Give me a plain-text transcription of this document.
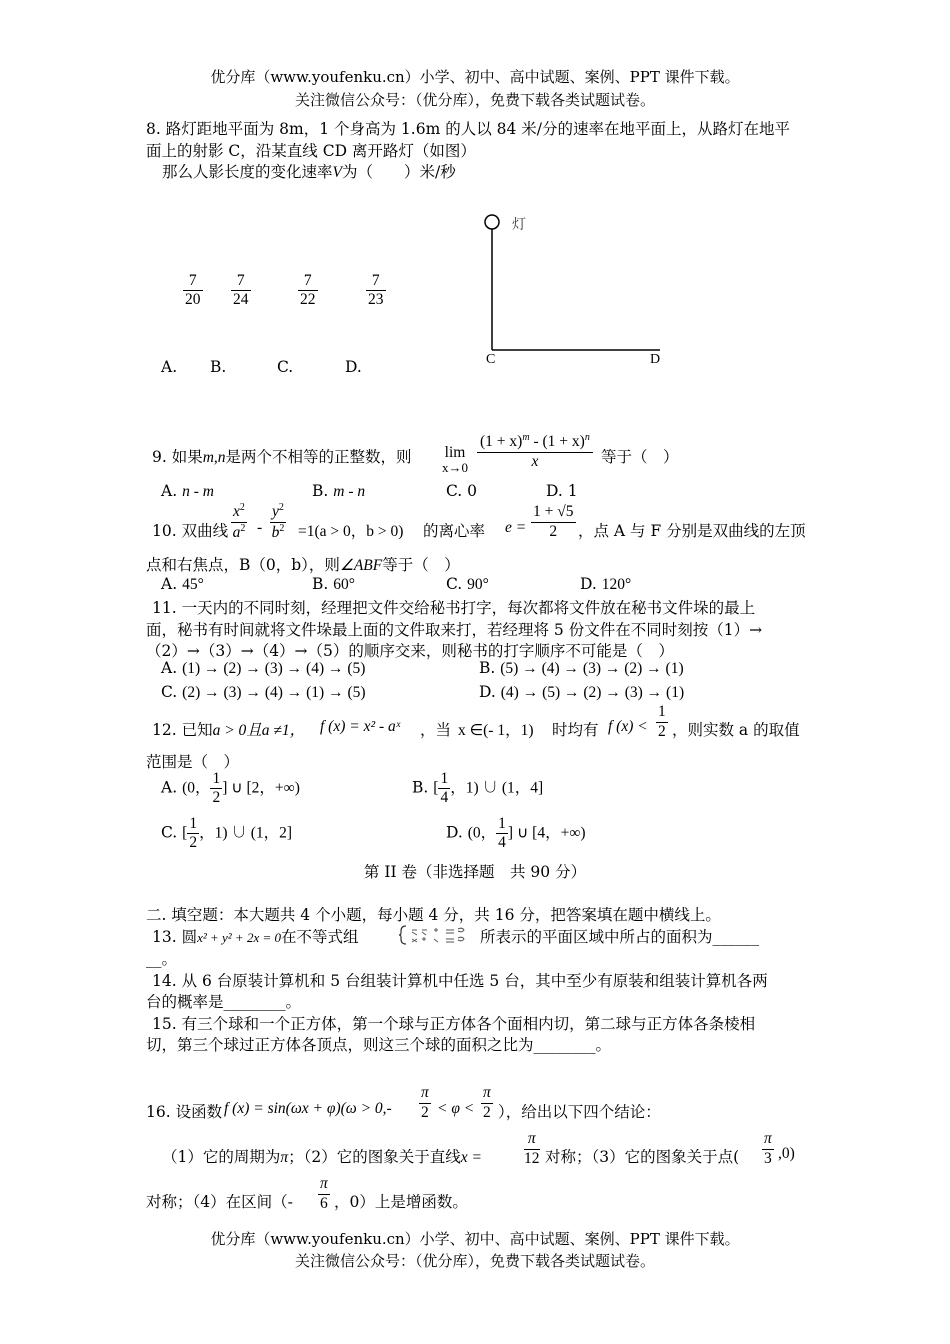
优分库（www.youfenku.cn）小学、初中、高中试题、案例、PPT 课件下载。
关注微信公众号：（优分库），免费下载各类试题试卷。
8. 路灯距地平面为 8m，1 个身高为 1.6m 的人以 84 米/分的速率在地平面上，从路灯在地平
面上的射影 C，沿某直线 CD 离开路灯（如图）
那么人影长度的变化速率V为（　　）米/秒
$\frac{7}{20} \frac{7}{24}$	$\frac{7}{22}$	$\frac{7}{23}$
A. B.	C.	D.
灯
C	D
9. 如果m,n是两个不相等的正整数，则 lim
x→0
$(1 + x)^m - (1 + x)^n$
x	等于（　）
A. n - m	B. m - n	C. 0	D. 1
10. 双曲线
$x^2$
$a^2$ -
$y^2$
$b^2 =1(a > 0$，b > 0) 的离心率 $e = \frac{1 + √5}{2}$ ，点 A 与 F 分别是双曲线的左顶
点和右焦点，B（0，b），则∠ABF等于（　）
A. 45°	B. 60°	C. 90°	D. 120°
11. 一天内的不同时刻，经理把文件交给秘书打字，每次都将文件放在秘书文件垛的最上
面，秘书有时间就将文件垛最上面的文件取来打，若经理将 5 份文件在不同时刻按（1）→
（2）→（3）→（4）→（5）的顺序交来，则秘书的打字顺序不可能是（　）
A. (1) → (2) → (3) → (4) → (5)	B. (5) → (4) → (3) → (2) → (1)
C. (2) → (3) → (4) → (1) → (5)	D. (4) → (5) → (2) → (3) → (1)
12. 已知a > 0且a ≠1， f (x) = x² - aˣ ，当 x ∈(- 1，1) 时均有 f $(x) < \frac{1}{2}$ ，则实数 a 的取值
范围是（　）
A. (0， $\frac{1}{2}$ ] ∪ [2，+∞)	B. [ $\frac{1}{4}$ ，1) ∪ (1，4]
C. [ $\frac{1}{2}$ ，1) ∪ (1，2]	D. (0， $\frac{1}{4}$ ] ∪ [4，+∞)
第 II 卷（非选择题　共 90 分）
二. 填空题：本大题共 4 个小题，每小题 4 分，共 16 分，把答案填在题中横线上。
13. 圆x² + y² + 2x = 0在不等式组	所表示的平面区域中所占的面积为______
__。
14. 从 6 台原装计算机和 5 台组装计算机中任选 5 台，其中至少有原装和组装计算机各两
台的概率是________。
15. 有三个球和一个正方体，第一个球与正方体各个面相内切，第二球与正方体各条棱相
切，第三个球过正方体各顶点，则这三个球的面积之比为________。
16. 设函数 f $(x) = \sin(\omega x + \varphi)(\omega > 0,- \frac{\pi}{2} < \varphi < \frac{\pi}{2}$ ），给出以下四个结论：
（1）它的周期为π；（2）它的图象关于直线x =	$\frac{\pi}{12}$ 对称；（3）它的图象关于点( $\frac{\pi}{3} ,0$)
对称；（4）在区间（- $\frac{\pi}{6}$ ，0）上是增函数。
优分库（www.youfenku.cn）小学、初中、高中试题、案例、PPT 课件下载。
关注微信公众号：（优分库），免费下载各类试题试卷。
